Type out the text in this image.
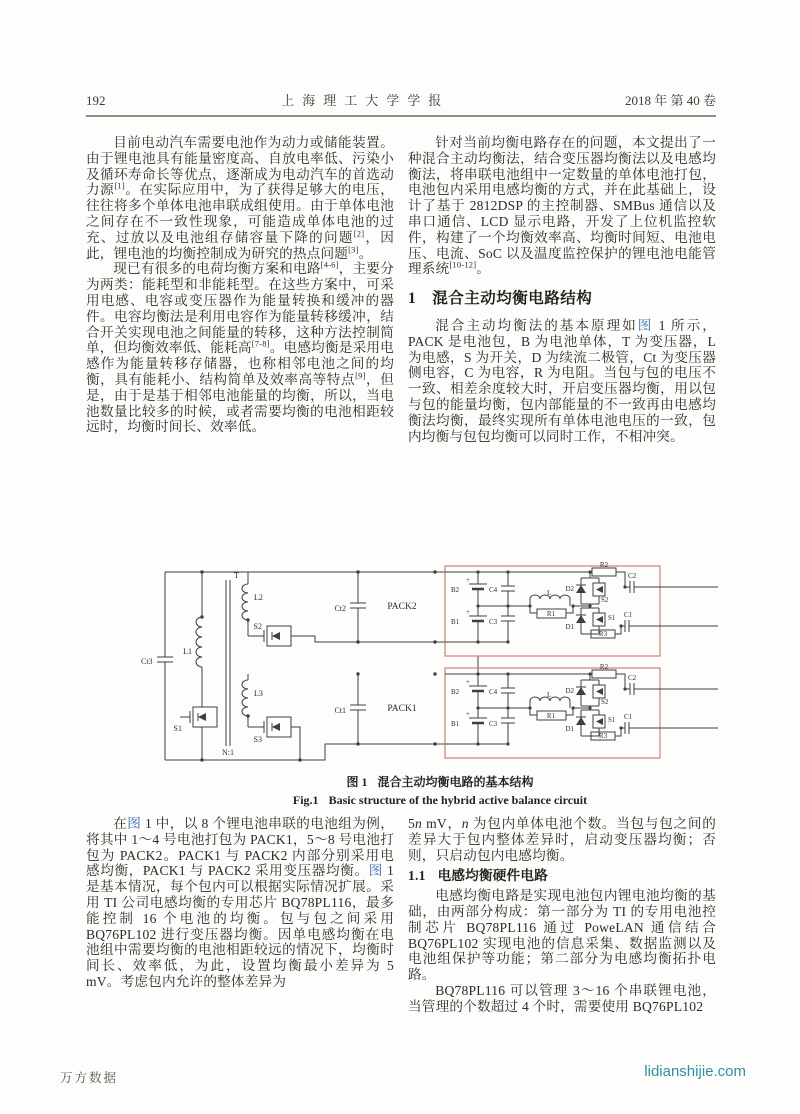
192	上海理工大学学报	2018 年 第 40 卷

目前电动汽车需要电池作为动力或储能装置。由于锂电池具有能量密度高、自放电率低、污染小及循环寿命长等优点，逐渐成为电动汽车的首选动力源[1]。在实际应用中，为了获得足够大的电压，往往将多个单体电池串联成组使用。由于单体电池之间存在不一致性现象，可能造成单体电池的过充、过放以及电池组存储容量下降的问题[2]，因此，锂电池的均衡控制成为研究的热点问题[3]。

现已有很多的电荷均衡方案和电路[4-6]，主要分为两类：能耗型和非能耗型。在这些方案中，可采用电感、电容或变压器作为能量转换和缓冲的器件。电容均衡法是利用电容作为能量转移缓冲，结合开关实现电池之间能量的转移，这种方法控制简单，但均衡效率低、能耗高[7-8]。电感均衡是采用电感作为能量转移存储器，也称相邻电池之间的均衡，具有能耗小、结构简单及效率高等特点[9]，但是，由于是基于相邻电池能量的均衡，所以，当电池数量比较多的时候，或者需要均衡的电池相距较远时，均衡时间长、效率低。

针对当前均衡电路存在的问题，本文提出了一种混合主动均衡法，结合变压器均衡法以及电感均衡法，将串联电池组中一定数量的单体电池打包，电池包内采用电感均衡的方式，并在此基础上，设计了基于 2812DSP 的主控制器、SMBus 通信以及串口通信、LCD 显示电路，开发了上位机监控软件，构建了一个均衡效率高、均衡时间短、电池电压、电流、SoC 以及温度监控保护的锂电池电能管理系统[10-12]。

1 混合主动均衡电路结构

混合主动均衡法的基本原理如图 1 所示，PACK 是电池包，B 为电池单体，T 为变压器，L 为电感，S 为开关，D 为续流二极管，Ct 为变压器侧电容，C 为电容，R 为电阻。当包与包的电压不一致、相差余度较大时，开启变压器均衡，用以包与包的能量均衡，包内部能量的不一致再由电感均衡法均衡，最终实现所有单体电池电压的一致，包内均衡与包包均衡可以同时工作，不相冲突。

Ct3
L1
S1
T
N:1
L2
S2
Ct2	PACK2
L3
S3
Ct1	PACK1
B2
B1
+
+
C4
C3
L
R1
D2
S2
R2
C2
D1
S1
R3
C1
B2
B1
+
+
C4
C3
L
R1
D2
S2
R2
C2
D1
S1
R3
C1
图 1 混合主动均衡电路的基本结构
Fig.1 Basic structure of the hybrid active balance circuit

在图 1 中，以 8 个锂电池串联的电池组为例，将其中 1～4 号电池打包为 PACK1，5～8 号电池打包为 PACK2。PACK1 与 PACK2 内部分别采用电感均衡，PACK1 与 PACK2 采用变压器均衡。图 1 是基本情况，每个包内可以根据实际情况扩展。采用 TI 公司电感均衡的专用芯片 BQ78PL116，最多能控制 16 个电池的均衡。包与包之间采用 BQ76PL102 进行变压器均衡。因单电感均衡在电池组中需要均衡的电池相距较远的情况下，均衡时间长、效率低，为此，设置均衡最小差异为 5 mV。考虑包内允许的整体差异为

5n mV，n 为包内单体电池个数。当包与包之间的差异大于包内整体差异时，启动变压器均衡；否则，只启动包内电感均衡。

1.1 电感均衡硬件电路

电感均衡电路是实现电池包内锂电池均衡的基础，由两部分构成：第一部分为 TI 的专用电池控制芯片 BQ78PL116 通过 PoweLAN 通信结合 BQ76PL102 实现电池的信息采集、数据监测以及电池组保护等功能；第二部分为电感均衡拓扑电路。

BQ78PL116 可以管理 3～16 个串联锂电池，当管理的个数超过 4 个时，需要使用 BQ76PL102

万方数据	lidianshijie.com
